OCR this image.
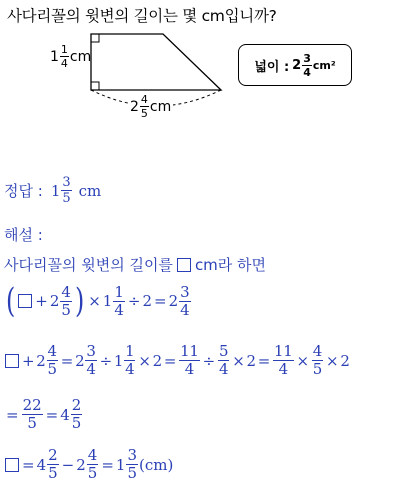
사다리꼴의 윗변의 길이는 몇 cm입니까?
$1 \frac{1}{4}$ cm
$2 \frac{4}{5}$ cm
넓이 : $2 \frac{3}{4} cm^2$
정답 : $1 \frac{3}{5}$ cm
해설 :
사다리꼴의 윗변의 길이를 cm라 하면
( + $2 \frac{4}{5}$ ) × $1 \frac{1}{4} \div 2 = 2 \frac{3}{4}$
+ $2 \frac{4}{5} = 2 \frac{3}{4} \div 1 \frac{1}{4} \times 2 = \frac{11}{4} \div \frac{5}{4} \times 2 = \frac{11}{4} \times \frac{4}{5} \times 2$
= $\frac{22}{5} = 4 \frac{2}{5}$
= $4 \frac{2}{5} - 2 \frac{4}{5} = 1 \frac{3}{5} (cm)$
